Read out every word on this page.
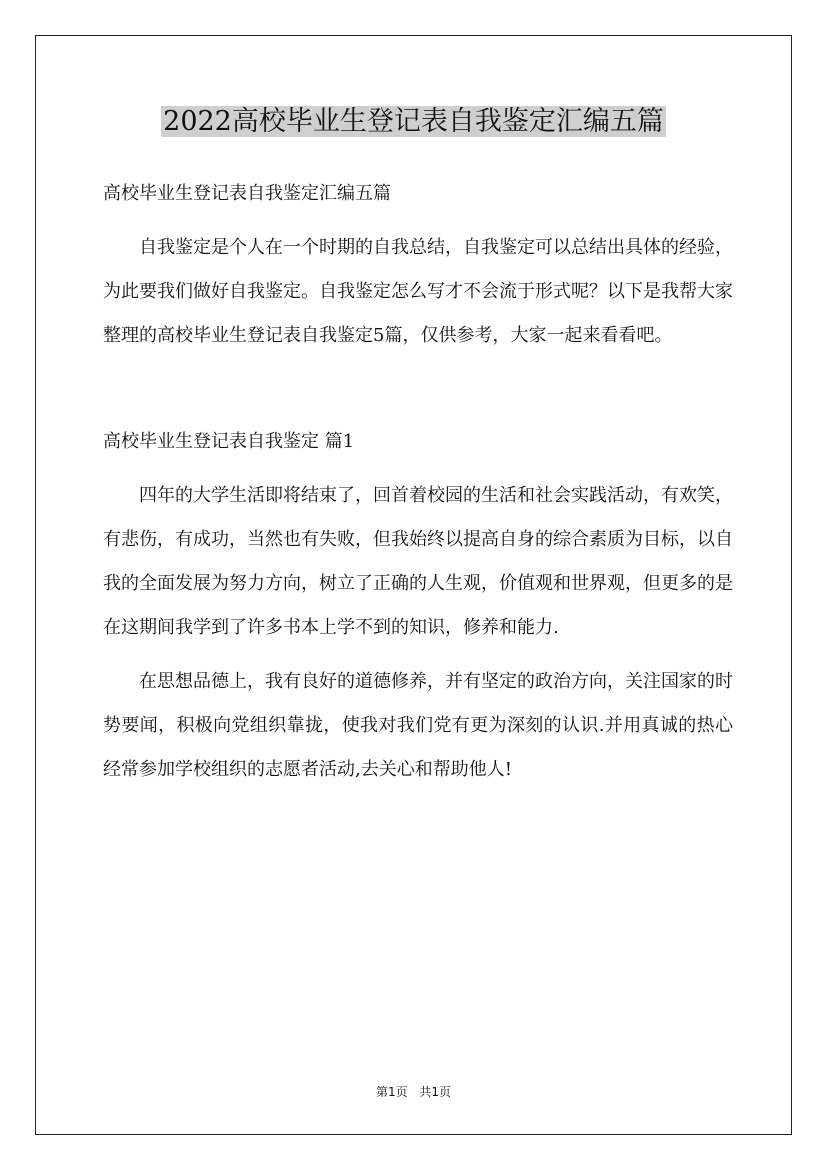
2022高校毕业生登记表自我鉴定汇编五篇

高校毕业生登记表自我鉴定汇编五篇

自我鉴定是个人在一个时期的自我总结，自我鉴定可以总结出具体的经验，为此要我们做好自我鉴定。自我鉴定怎么写才不会流于形式呢？以下是我帮大家整理的高校毕业生登记表自我鉴定5篇，仅供参考，大家一起来看看吧。

高校毕业生登记表自我鉴定 篇1

四年的大学生活即将结束了，回首着校园的生活和社会实践活动，有欢笑，有悲伤，有成功，当然也有失败，但我始终以提高自身的综合素质为目标，以自我的全面发展为努力方向，树立了正确的人生观，价值观和世界观，但更多的是在这期间我学到了许多书本上学不到的知识，修养和能力.

在思想品德上，我有良好的道德修养，并有坚定的政治方向，关注国家的时势要闻，积极向党组织靠拢，使我对我们党有更为深刻的认识.并用真诚的热心经常参加学校组织的志愿者活动,去关心和帮助他人!

第1页 共1页
